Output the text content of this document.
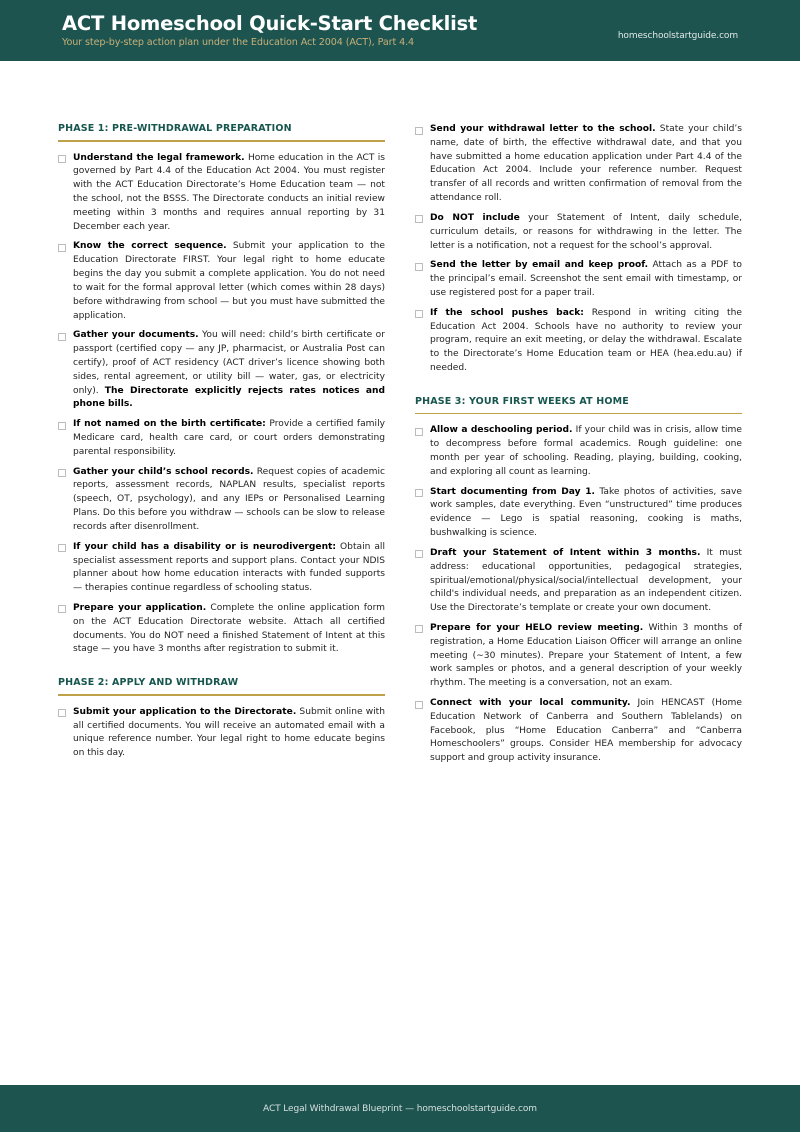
ACT Homeschool Quick-Start Checklist

Your step-by-step action plan under the Education Act 2004 (ACT), Part 4.4

homeschoolstartguide.com
PHASE 1: PRE-WITHDRAWAL PREPARATION
Understand the legal framework. Home education in the ACT is governed by Part 4.4 of the Education Act 2004. You must register with the ACT Education Directorate’s Home Education team — not the school, not the BSSS. The Directorate conducts an initial review meeting within 3 months and requires annual reporting by 31 December each year.
Know the correct sequence. Submit your application to the Education Directorate FIRST. Your legal right to home educate begins the day you submit a complete application. You do not need to wait for the formal approval letter (which comes within 28 days) before withdrawing from school — but you must have submitted the application.
Gather your documents. You will need: child’s birth certificate or passport (certified copy — any JP, pharmacist, or Australia Post can certify), proof of ACT residency (ACT driver’s licence showing both sides, rental agreement, or utility bill — water, gas, or electricity only). The Directorate explicitly rejects rates notices and phone bills.
If not named on the birth certificate: Provide a certified family Medicare card, health care card, or court orders demonstrating parental responsibility.
Gather your child’s school records. Request copies of academic reports, assessment records, NAPLAN results, specialist reports (speech, OT, psychology), and any IEPs or Personalised Learning Plans. Do this before you withdraw — schools can be slow to release records after disenrollment.
If your child has a disability or is neurodivergent: Obtain all specialist assessment reports and support plans. Contact your NDIS planner about how home education interacts with funded supports — therapies continue regardless of schooling status.
Prepare your application. Complete the online application form on the ACT Education Directorate website. Attach all certified documents. You do NOT need a finished Statement of Intent at this stage — you have 3 months after registration to submit it.
PHASE 2: APPLY AND WITHDRAW
Submit your application to the Directorate. Submit online with all certified documents. You will receive an automated email with a unique reference number. Your legal right to home educate begins on this day.
Send your withdrawal letter to the school. State your child’s name, date of birth, the effective withdrawal date, and that you have submitted a home education application under Part 4.4 of the Education Act 2004. Include your reference number. Request transfer of all records and written confirmation of removal from the attendance roll.
Do NOT include your Statement of Intent, daily schedule, curriculum details, or reasons for withdrawing in the letter. The letter is a notification, not a request for the school’s approval.
Send the letter by email and keep proof. Attach as a PDF to the principal’s email. Screenshot the sent email with timestamp, or use registered post for a paper trail.
If the school pushes back: Respond in writing citing the Education Act 2004. Schools have no authority to review your program, require an exit meeting, or delay the withdrawal. Escalate to the Directorate’s Home Education team or HEA (hea.edu.au) if needed.
PHASE 3: YOUR FIRST WEEKS AT HOME
Allow a deschooling period. If your child was in crisis, allow time to decompress before formal academics. Rough guideline: one month per year of schooling. Reading, playing, building, cooking, and exploring all count as learning.
Start documenting from Day 1. Take photos of activities, save work samples, date everything. Even “unstructured” time produces evidence — Lego is spatial reasoning, cooking is maths, bushwalking is science.
Draft your Statement of Intent within 3 months. It must address: educational opportunities, pedagogical strategies, spiritual/emotional/physical/social/intellectual development, your child's individual needs, and preparation as an independent citizen. Use the Directorate’s template or create your own document.
Prepare for your HELO review meeting. Within 3 months of registration, a Home Education Liaison Officer will arrange an online meeting (∼30 minutes). Prepare your Statement of Intent, a few work samples or photos, and a general description of your weekly rhythm. The meeting is a conversation, not an exam.
Connect with your local community. Join HENCAST (Home Education Network of Canberra and Southern Tablelands) on Facebook, plus “Home Education Canberra” and “Canberra Homeschoolers” groups. Consider HEA membership for advocacy support and group activity insurance.
ACT Legal Withdrawal Blueprint — homeschoolstartguide.com
